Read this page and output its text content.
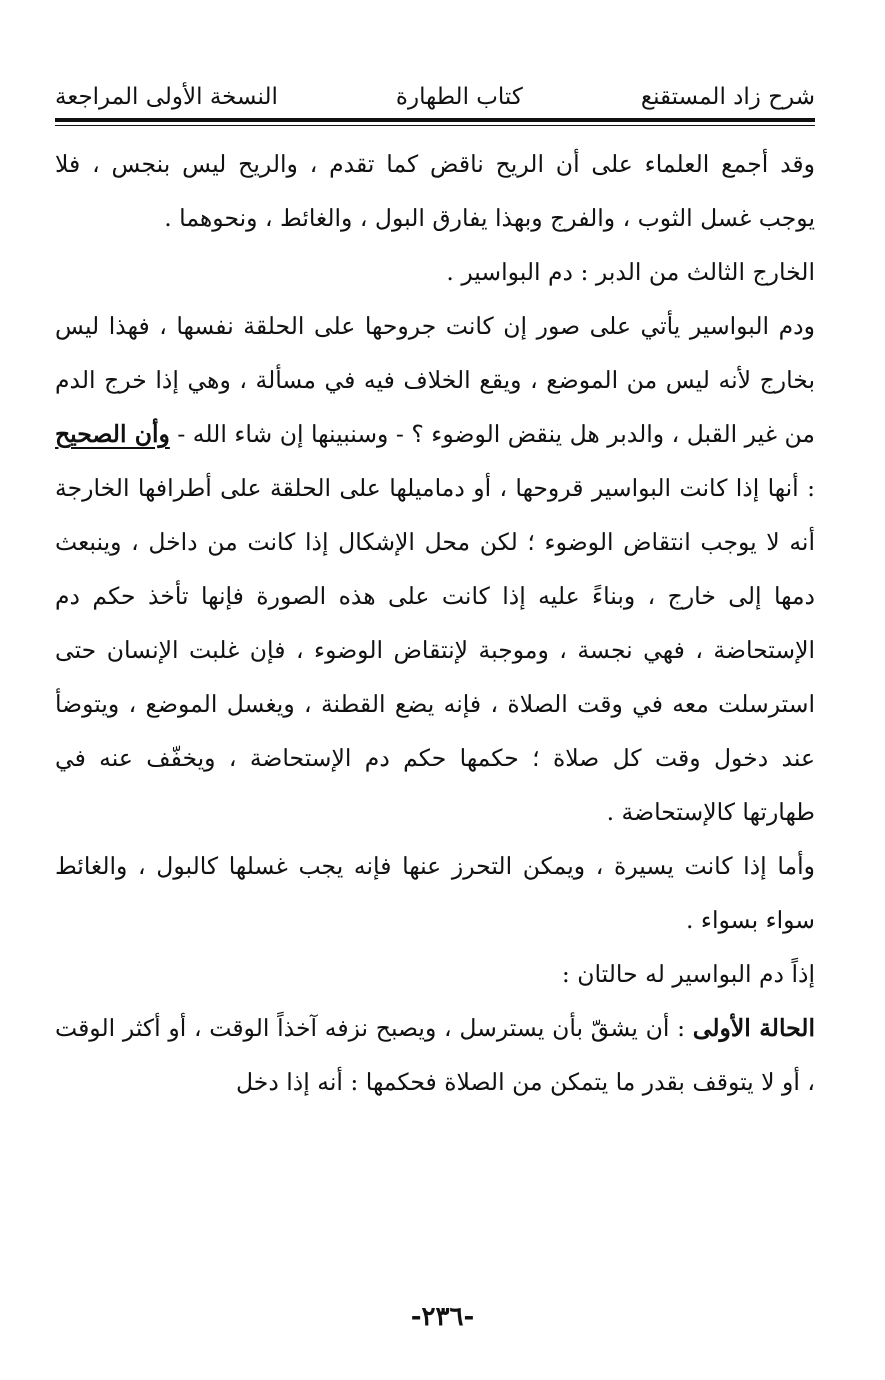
شرح زاد المستقنع
كتاب الطهارة
النسخة الأولى المراجعة

وقد أجمع العلماء على أن الريح ناقض كما تقدم ، والريح ليس بنجس ، فلا يوجب غسل الثوب ، والفرج وبهذا يفارق البول ، والغائط ، ونحوهما .

الخارج الثالث من الدبر : دم البواسير .

ودم البواسير يأتي على صور إن كانت جروحها على الحلقة نفسها ، فهذا ليس بخارج لأنه ليس من الموضع ، ويقع الخلاف فيه في مسألة ، وهي إذا خرج الدم من غير القبل ، والدبر هل ينقض الوضوء ؟ - وسنبينها إن شاء الله - وأن الصحيح : أنها إذا كانت البواسير قروحها ، أو دماميلها على الحلقة على أطرافها الخارجة أنه لا يوجب انتقاض الوضوء ؛ لكن محل الإشكال إذا كانت من داخل ، وينبعث دمها إلى خارج ، وبناءً عليه إذا كانت على هذه الصورة فإنها تأخذ حكم دم الإستحاضة ، فهي نجسة ، وموجبة لإنتقاض الوضوء ، فإن غلبت الإنسان حتى استرسلت معه في وقت الصلاة ، فإنه يضع القطنة ، ويغسل الموضع ، ويتوضأ عند دخول وقت كل صلاة ؛ حكمها حكم دم الإستحاضة ، ويخفّف عنه في طهارتها كالإستحاضة .

وأما إذا كانت يسيرة ، ويمكن التحرز عنها فإنه يجب غسلها كالبول ، والغائط سواء بسواء .

إذاً دم البواسير له حالتان :

الحالة الأولى : أن يشقّ بأن يسترسل ، ويصبح نزفه آخذاً الوقت ، أو أكثر الوقت ، أو لا يتوقف بقدر ما يتمكن من الصلاة فحكمها : أنه إذا دخل

-٢٣٦-
